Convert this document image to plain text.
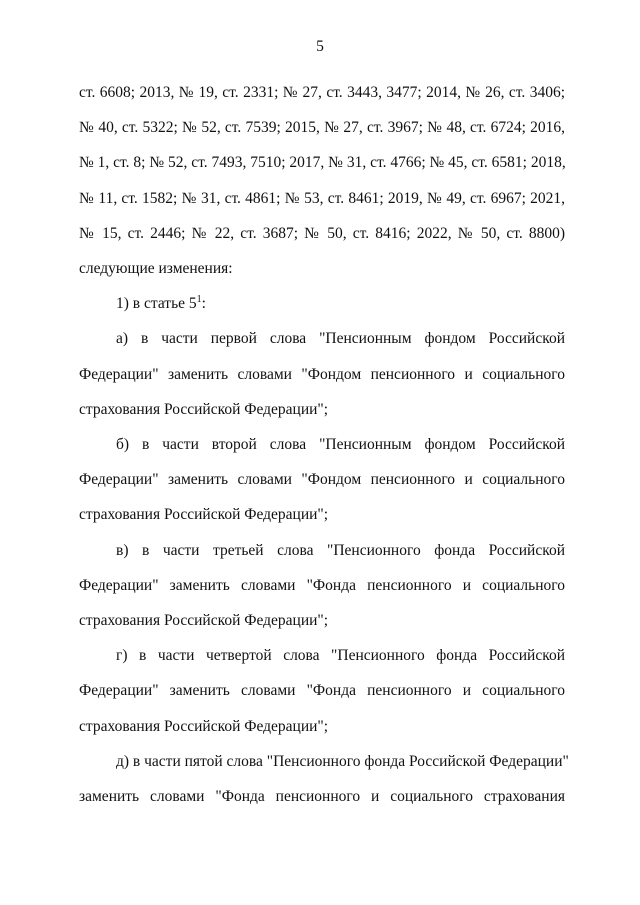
5

ст. 6608; 2013, № 19, ст. 2331; № 27, ст. 3443, 3477; 2014, № 26, ст. 3406;
№ 40, ст. 5322; № 52, ст. 7539; 2015, № 27, ст. 3967; № 48, ст. 6724; 2016,
№ 1, ст. 8; № 52, ст. 7493, 7510; 2017, № 31, ст. 4766; № 45, ст. 6581; 2018,
№ 11, ст. 1582; № 31, ст. 4861; № 53, ст. 8461; 2019, № 49, ст. 6967; 2021,
№ 15, ст. 2446; № 22, ст. 3687; № 50, ст. 8416; 2022, № 50, ст. 8800)
следующие изменения:

1) в статье $5^1$:

а) в части первой слова "Пенсионным фондом Российской
Федерации" заменить словами "Фондом пенсионного и социального
страхования Российской Федерации";

б) в части второй слова "Пенсионным фондом Российской
Федерации" заменить словами "Фондом пенсионного и социального
страхования Российской Федерации";

в) в части третьей слова "Пенсионного фонда Российской
Федерации" заменить словами "Фонда пенсионного и социального
страхования Российской Федерации";

г) в части четвертой слова "Пенсионного фонда Российской
Федерации" заменить словами "Фонда пенсионного и социального
страхования Российской Федерации";

д) в части пятой слова "Пенсионного фонда Российской Федерации"
заменить словами "Фонда пенсионного и социального страхования
